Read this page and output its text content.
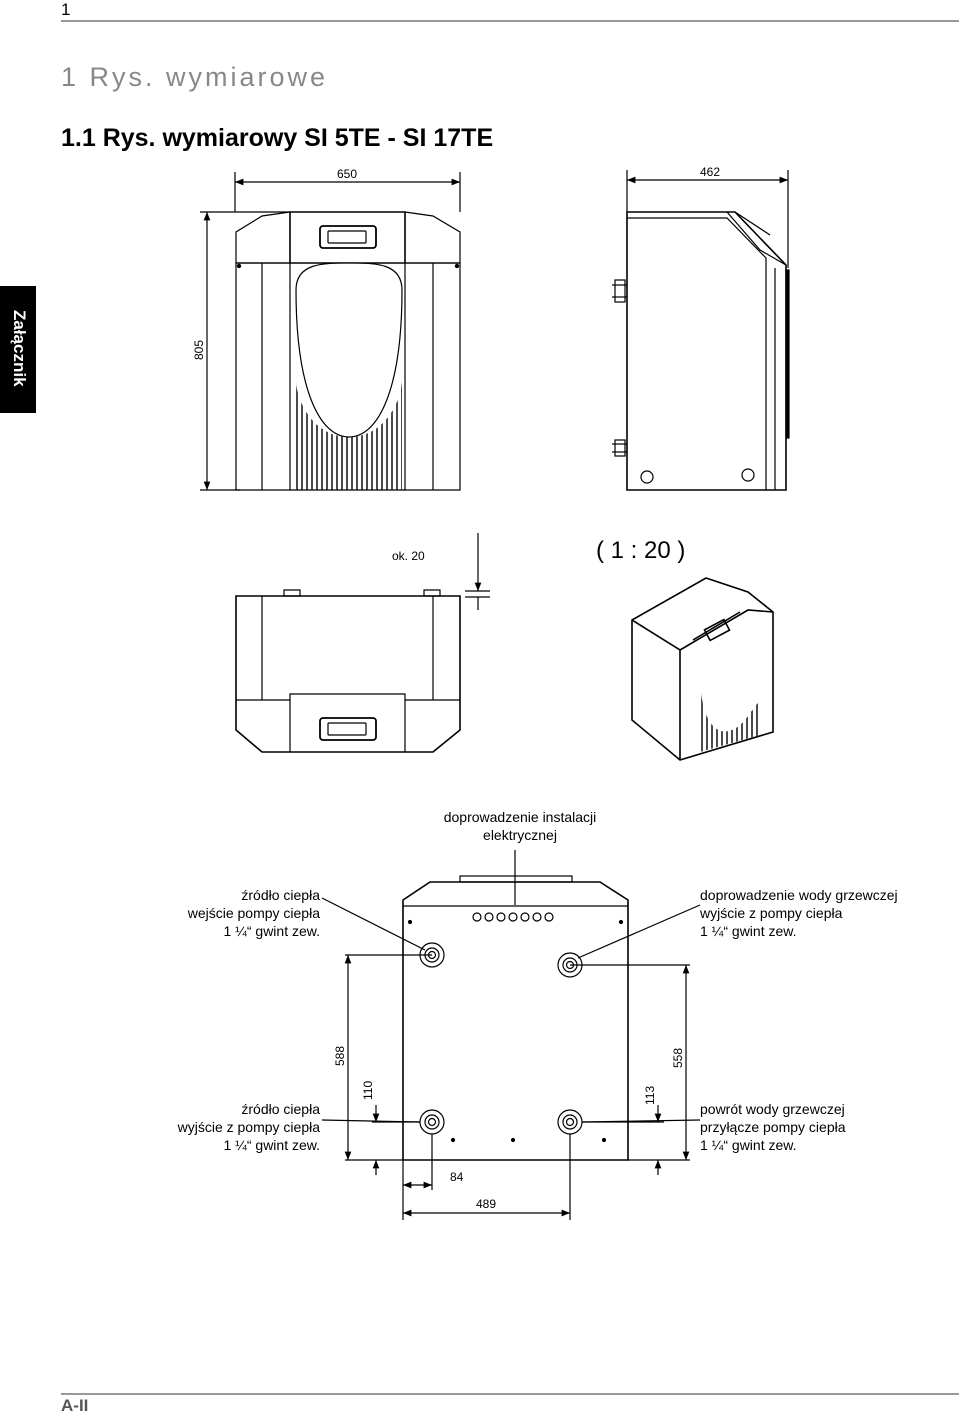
1
1 Rys. wymiarowe
1.1 Rys. wymiarowy SI 5TE - SI 17TE
Załącznik
650
805
462
ok. 20	( 1 : 20 )
588
110
558
113
84
489
doprowadzenie instalacji
elektrycznej
źródło ciepła
wejście pompy ciepła
1 ¼“ gwint zew.
doprowadzenie wody grzewczej
wyjście z pompy ciepła
1 ¼“ gwint zew.
źródło ciepła
wyjście z pompy ciepła
1 ¼“ gwint zew.
powrót wody grzewczej
przyłącze pompy ciepła
1 ¼“ gwint zew.
A-II
